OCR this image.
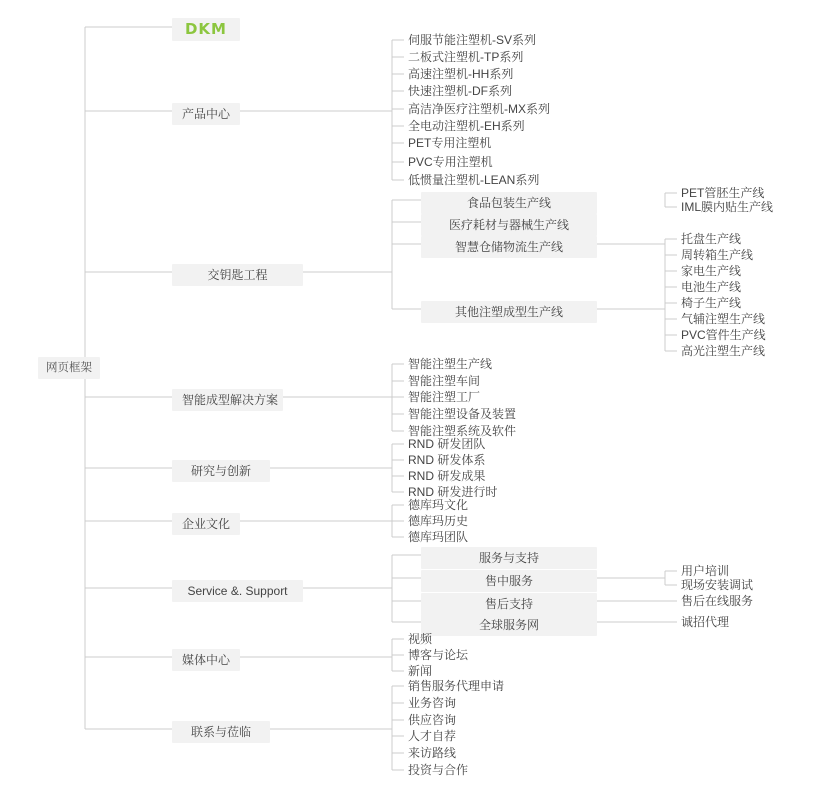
网页框架
DKM
产品中心
交钥匙工程
智能成型解决方案
研究与创新
企业文化
Service &. Support
媒体中心
联系与莅临
伺服节能注塑机-SV系列
二板式注塑机-TP系列
高速注塑机-HH系列
快速注塑机-DF系列
高洁净医疗注塑机-MX系列
全电动注塑机-EH系列
PET专用注塑机
PVC专用注塑机
低惯量注塑机-LEAN系列
食品包装生产线
医疗耗材与器械生产线
智慧仓储物流生产线
其他注塑成型生产线
PET管胚生产线
IML膜内贴生产线
托盘生产线
周转箱生产线
家电生产线
电池生产线
椅子生产线
气辅注塑生产线
PVC管件生产线
高光注塑生产线
智能注塑生产线
智能注塑车间
智能注塑工厂
智能注塑设备及装置
智能注塑系统及软件
RND 研发团队
RND 研发体系
RND 研发成果
RND 研发进行时
德库玛文化
德库玛历史
德库玛团队
服务与支持
售中服务
售后支持
全球服务网
用户培训
现场安装调试
售后在线服务
诚招代理
视频
博客与论坛
新闻
销售服务代理申请
业务咨询
供应咨询
人才自荐
来访路线
投资与合作
